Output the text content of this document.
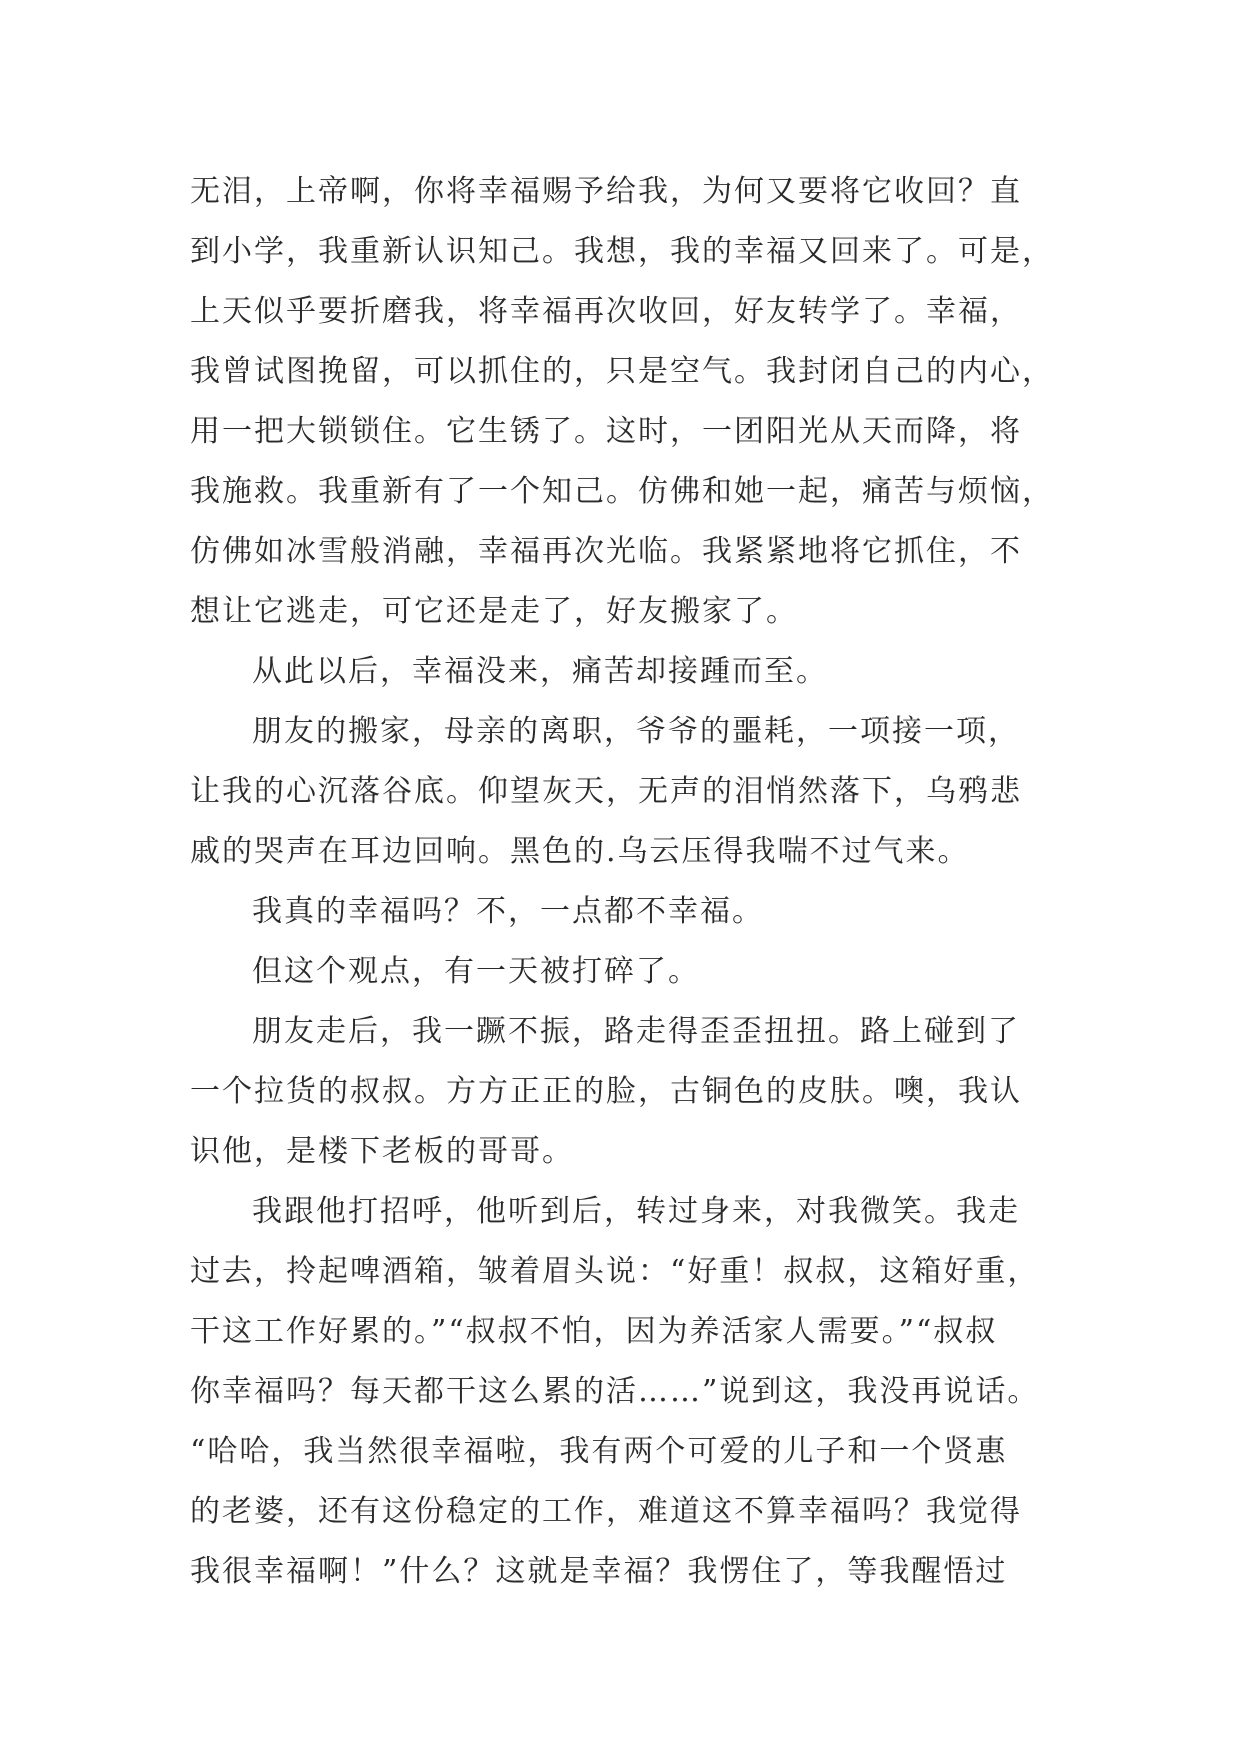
无泪，上帝啊，你将幸福赐予给我，为何又要将它收回？直
到小学，我重新认识知己。我想，我的幸福又回来了。可是，
上天似乎要折磨我，将幸福再次收回，好友转学了。幸福，
我曾试图挽留，可以抓住的，只是空气。我封闭自己的内心，
用一把大锁锁住。它生锈了。这时，一团阳光从天而降，将
我施救。我重新有了一个知己。仿佛和她一起，痛苦与烦恼，
仿佛如冰雪般消融，幸福再次光临。我紧紧地将它抓住，不
想让它逃走，可它还是走了，好友搬家了。
从此以后，幸福没来，痛苦却接踵而至。
朋友的搬家，母亲的离职，爷爷的噩耗，一项接一项，
让我的心沉落谷底。仰望灰天，无声的泪悄然落下，乌鸦悲
戚的哭声在耳边回响。黑色的.乌云压得我喘不过气来。
我真的幸福吗？不，一点都不幸福。
但这个观点，有一天被打碎了。
朋友走后，我一蹶不振，路走得歪歪扭扭。路上碰到了
一个拉货的叔叔。方方正正的脸，古铜色的皮肤。噢，我认
识他，是楼下老板的哥哥。
我跟他打招呼，他听到后，转过身来，对我微笑。我走
过去，拎起啤酒箱，皱着眉头说：“好重！叔叔，这箱好重，
干这工作好累的。”“叔叔不怕，因为养活家人需要。”“叔叔
你幸福吗？每天都干这么累的活……”说到这，我没再说话。
“哈哈，我当然很幸福啦，我有两个可爱的儿子和一个贤惠
的老婆，还有这份稳定的工作，难道这不算幸福吗？我觉得
我很幸福啊！”什么？这就是幸福？我愣住了，等我醒悟过
